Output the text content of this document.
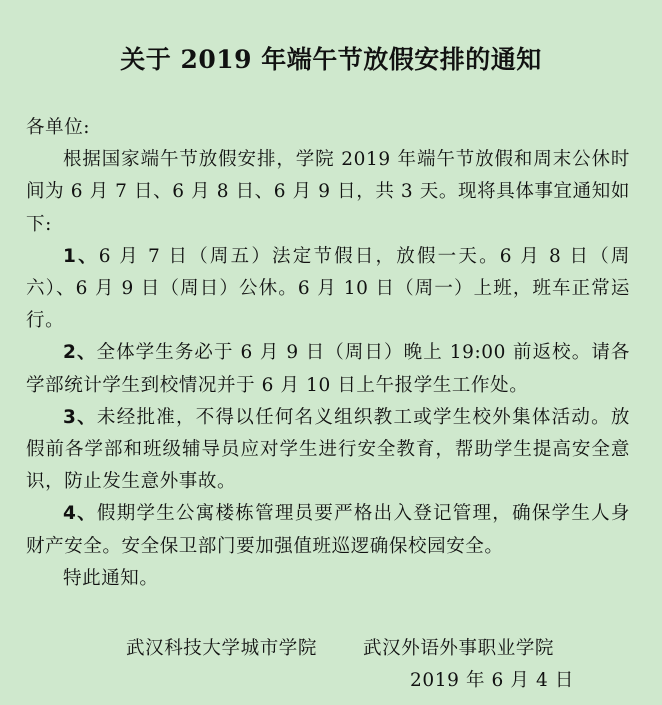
关于 2019 年端午节放假安排的通知

各单位:

根据国家端午节放假安排，学院 2019 年端午节放假和周末公休时间为 6 月 7 日、6 月 8 日、6 月 9 日，共 3 天。现将具体事宜通知如下:

1、6 月 7 日（周五）法定节假日，放假一天。6 月 8 日（周六）、6 月 9 日（周日）公休。6 月 10 日（周一）上班，班车正常运行。

2、全体学生务必于 6 月 9 日（周日）晚上 19:00 前返校。请各学部统计学生到校情况并于 6 月 10 日上午报学生工作处。

3、未经批准，不得以任何名义组织教工或学生校外集体活动。放假前各学部和班级辅导员应对学生进行安全教育，帮助学生提高安全意识，防止发生意外事故。

4、假期学生公寓楼栋管理员要严格出入登记管理，确保学生人身财产安全。安全保卫部门要加强值班巡逻确保校园安全。

特此通知。

武汉科技大学城市学院 武汉外语外事职业学院
2019 年 6 月 4 日
